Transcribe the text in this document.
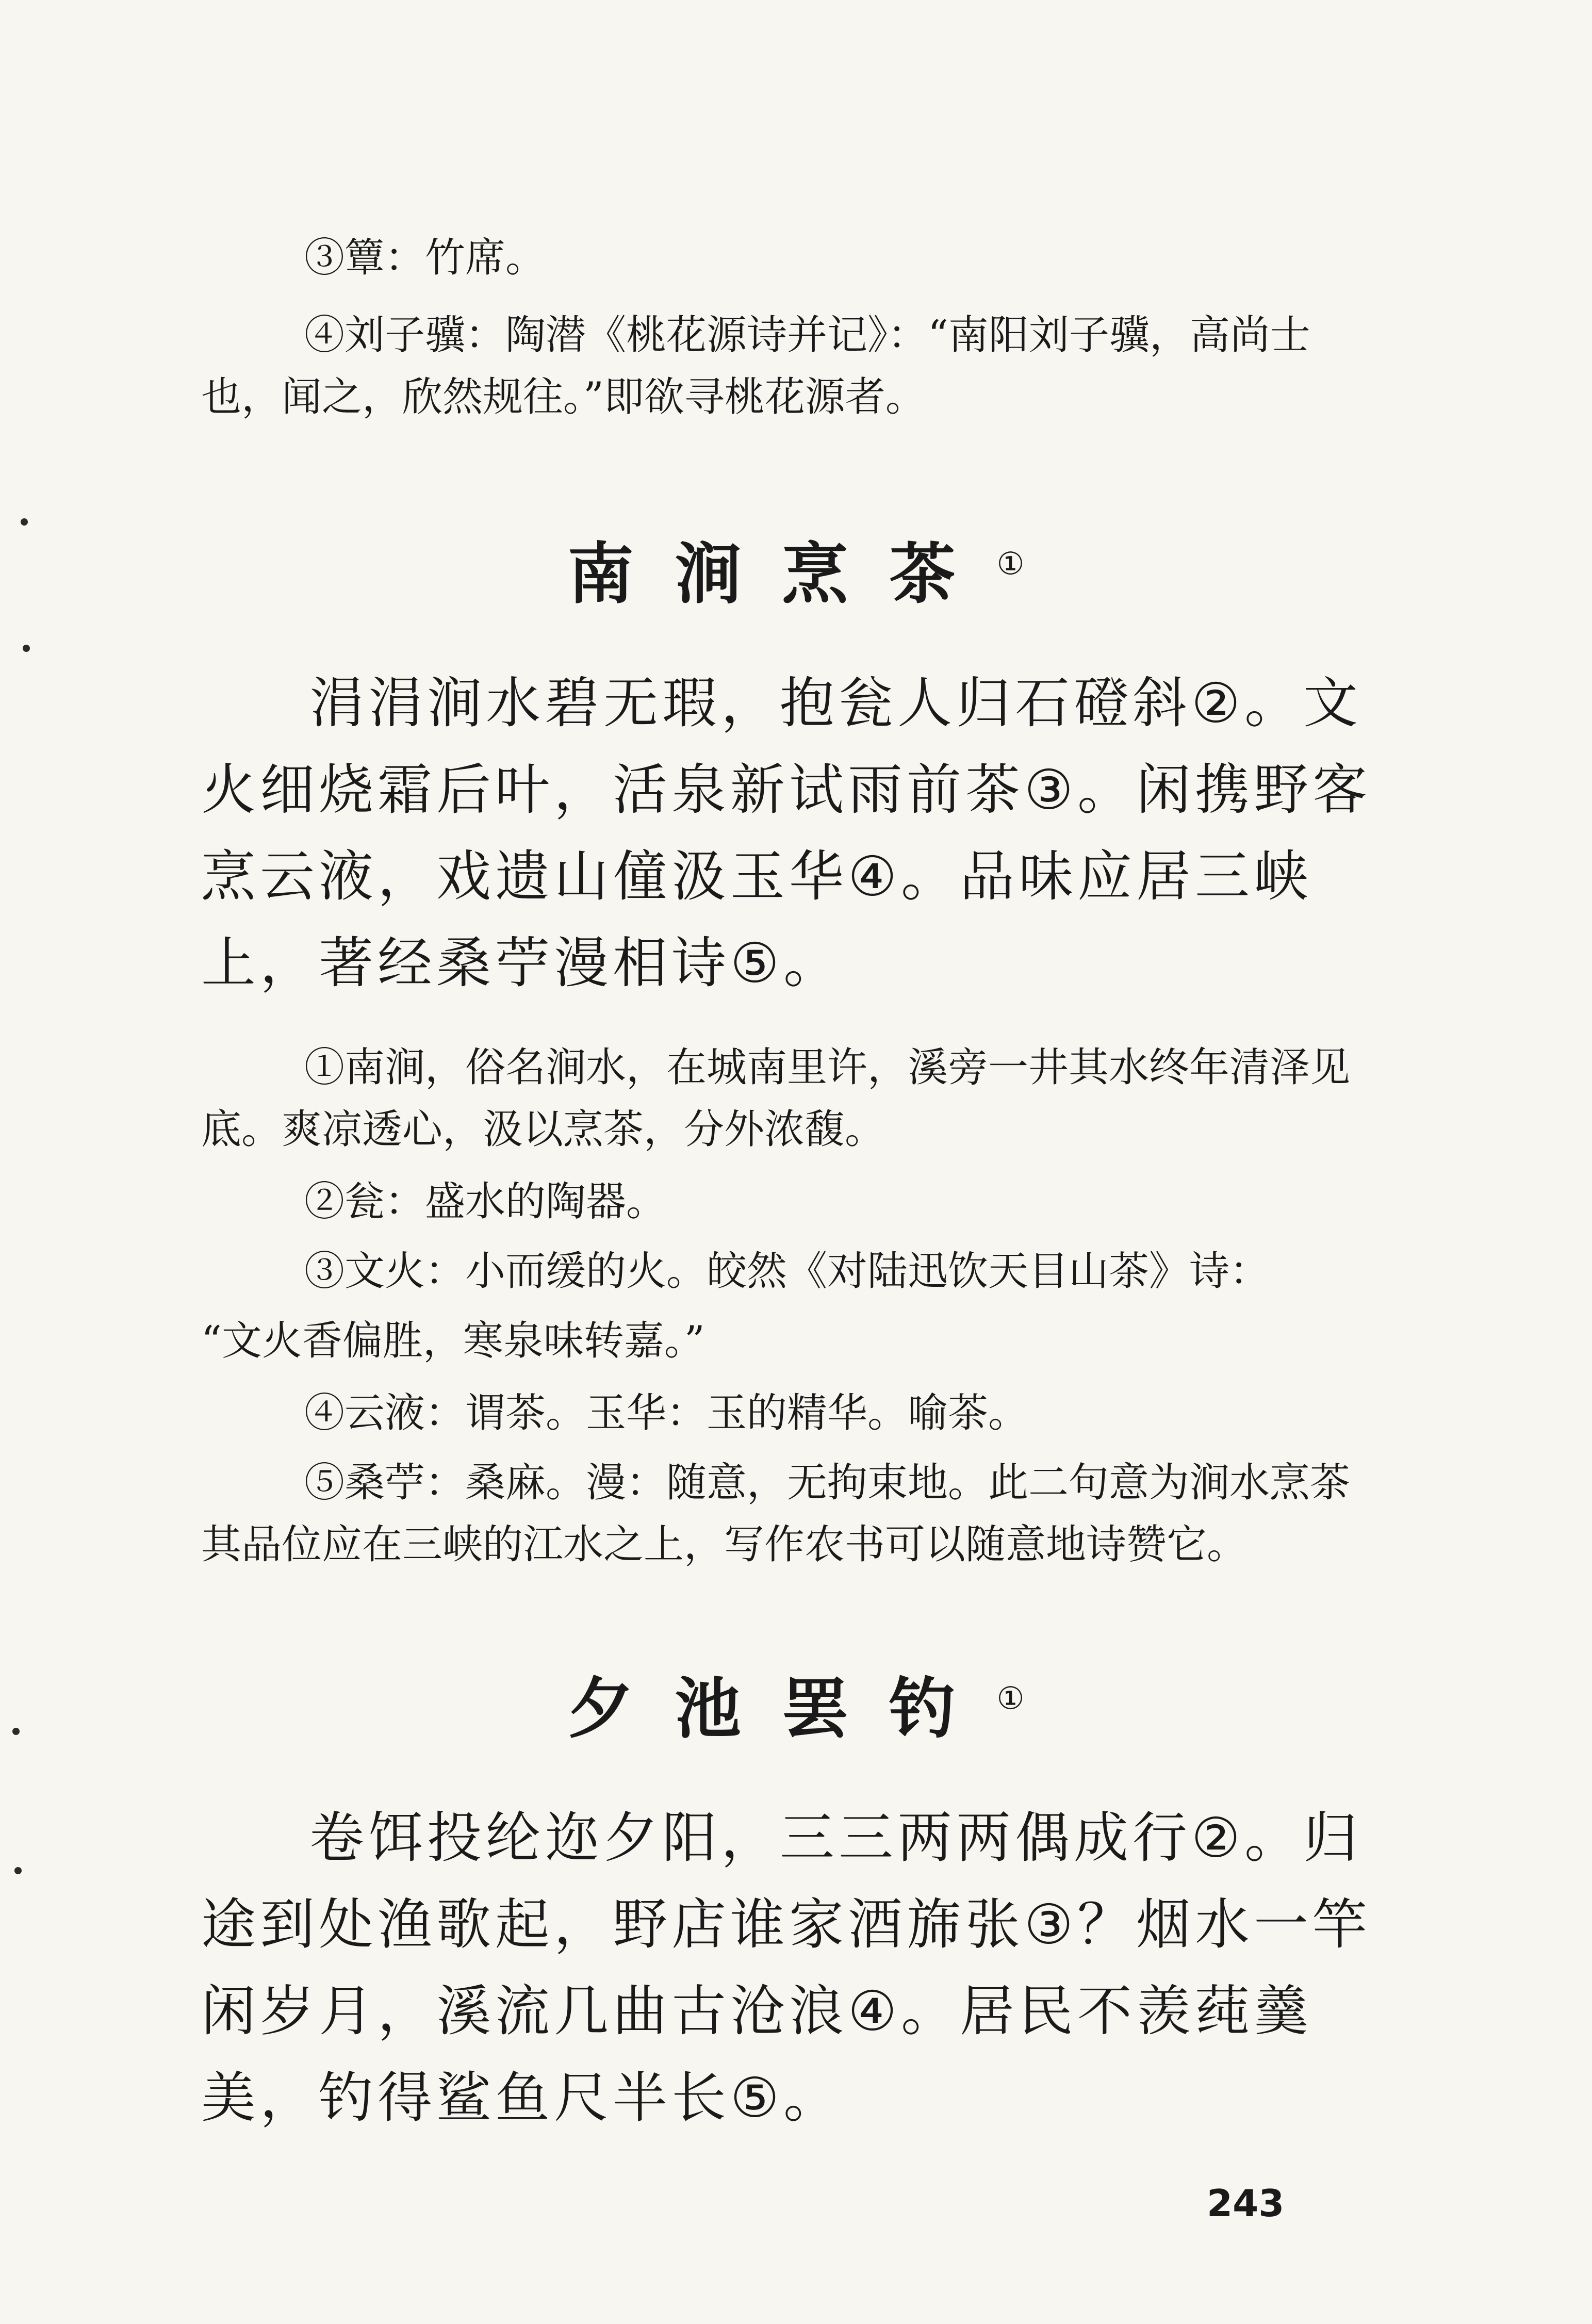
③簟：竹席。

④刘子骥：陶潜《桃花源诗并记》：“南阳刘子骥，高尚士也，闻之，欣然规往。”即欲寻桃花源者。

南涧烹茶①

涓涓涧水碧无瑕，抱瓮人归石磴斜②。文火细烧霜后叶，活泉新试雨前茶③。闲携野客烹云液，戏遗山僮汲玉华④。品味应居三峡上，著经桑苧漫相诗⑤。

①南涧，俗名涧水，在城南里许，溪旁一井其水终年清泽见底。爽凉透心，汲以烹茶，分外浓馥。

②瓮：盛水的陶器。

③文火：小而缓的火。皎然《对陆迅饮天目山茶》诗：

“文火香偏胜，寒泉味转嘉。”

④云液：谓茶。玉华：玉的精华。喻茶。

⑤桑苧：桑麻。漫：随意，无拘束地。此二句意为涧水烹茶其品位应在三峡的江水之上，写作农书可以随意地诗赞它。

夕池罢钓①

卷饵投纶迩夕阳，三三两两偶成行②。归途到处渔歌起，野店谁家酒旆张③？烟水一竿闲岁月，溪流几曲古沧浪④。居民不羡莼羹美，钓得鲨鱼尺半长⑤。

243
